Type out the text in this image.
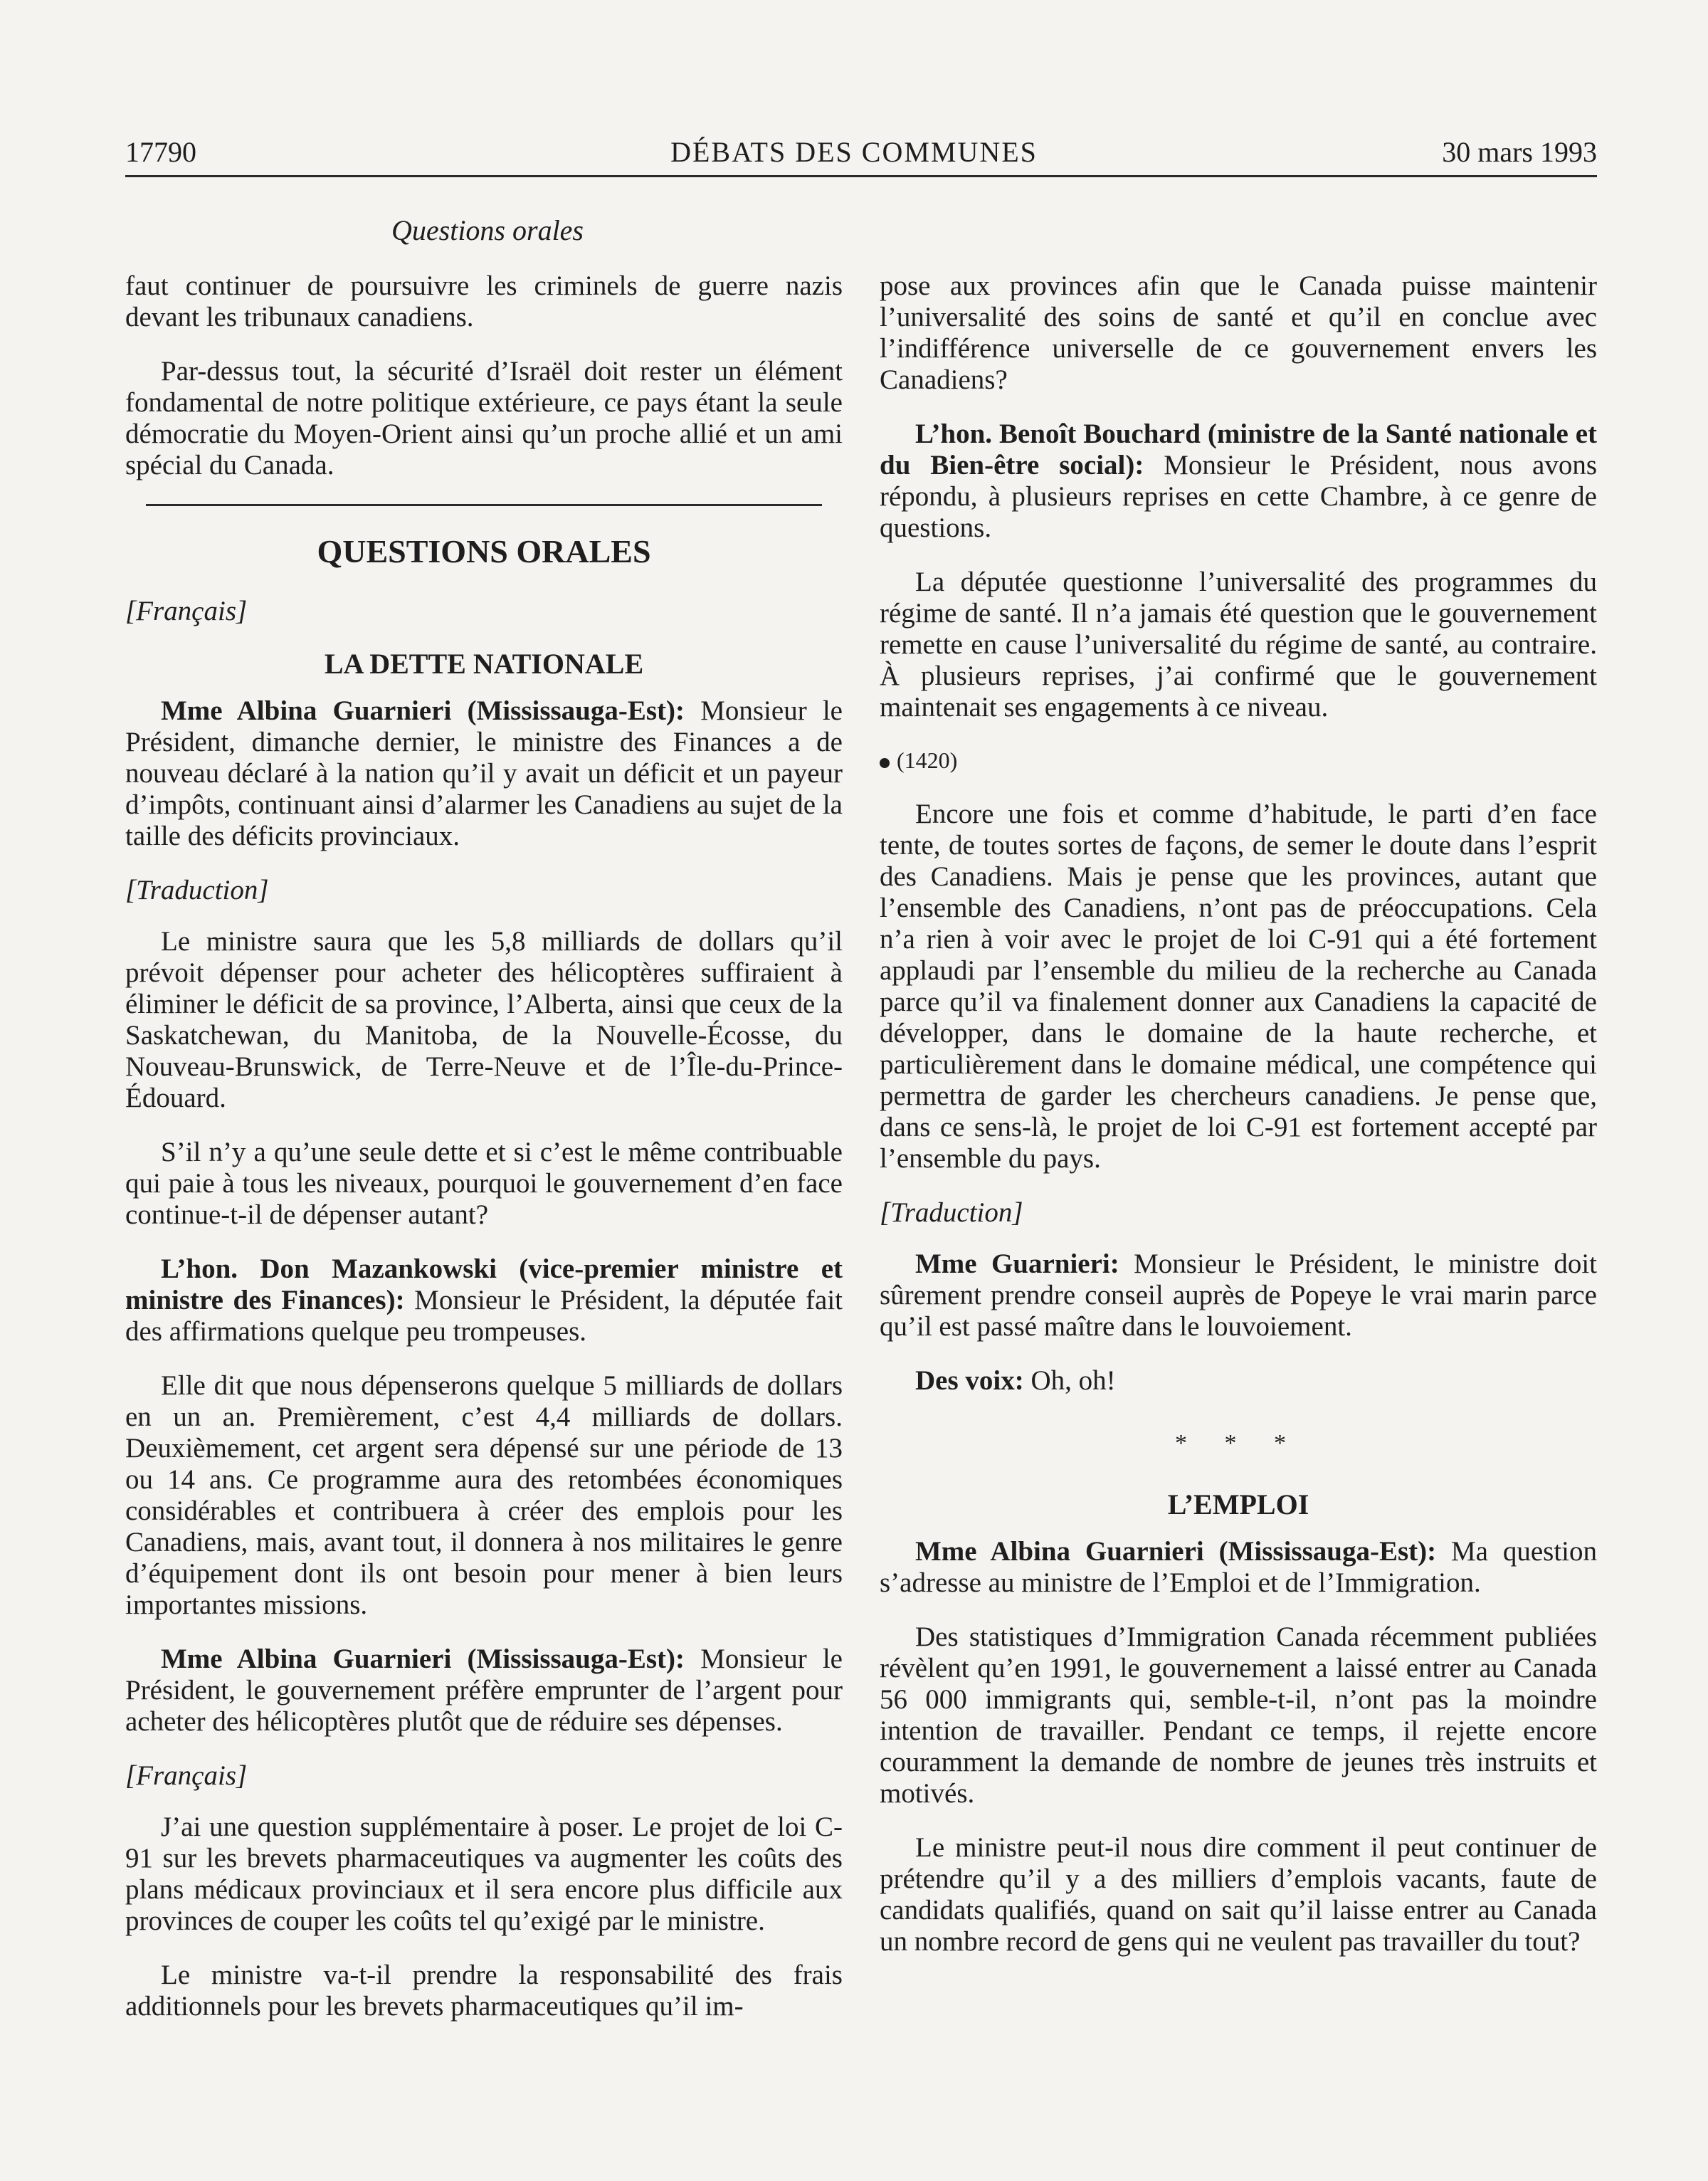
17790	DÉBATS DES COMMUNES	30 mars 1993
Questions orales

faut continuer de poursuivre les criminels de guerre nazis devant les tribunaux canadiens.

Par-dessus tout, la sécurité d’Israël doit rester un élément fondamental de notre politique extérieure, ce pays étant la seule démocratie du Moyen-Orient ainsi qu’un proche allié et un ami spécial du Canada.

QUESTIONS ORALES

[Français]

LA DETTE NATIONALE

Mme Albina Guarnieri (Mississauga-Est): Monsieur le Président, dimanche dernier, le ministre des Finances a de nouveau déclaré à la nation qu’il y avait un déficit et un payeur d’impôts, continuant ainsi d’alarmer les Canadiens au sujet de la taille des déficits provinciaux.

[Traduction]

Le ministre saura que les 5,8 milliards de dollars qu’il prévoit dépenser pour acheter des hélicoptères suffiraient à éliminer le déficit de sa province, l’Alberta, ainsi que ceux de la Saskatchewan, du Manitoba, de la Nouvelle-Écosse, du Nouveau-Brunswick, de Terre-Neuve et de l’Île-du-Prince-Édouard.

S’il n’y a qu’une seule dette et si c’est le même contribuable qui paie à tous les niveaux, pourquoi le gouvernement d’en face continue-t-il de dépenser autant?

L’hon. Don Mazankowski (vice-premier ministre et ministre des Finances): Monsieur le Président, la députée fait des affirmations quelque peu trompeuses.

Elle dit que nous dépenserons quelque 5 milliards de dollars en un an. Premièrement, c’est 4,4 milliards de dollars. Deuxièmement, cet argent sera dépensé sur une période de 13 ou 14 ans. Ce programme aura des retombées économiques considérables et contribuera à créer des emplois pour les Canadiens, mais, avant tout, il donnera à nos militaires le genre d’équipement dont ils ont besoin pour mener à bien leurs importantes missions.

Mme Albina Guarnieri (Mississauga-Est): Monsieur le Président, le gouvernement préfère emprunter de l’argent pour acheter des hélicoptères plutôt que de réduire ses dépenses.

[Français]

J’ai une question supplémentaire à poser. Le projet de loi C-91 sur les brevets pharmaceutiques va augmenter les coûts des plans médicaux provinciaux et il sera encore plus difficile aux provinces de couper les coûts tel qu’exigé par le ministre.

Le ministre va-t-il prendre la responsabilité des frais additionnels pour les brevets pharmaceutiques qu’il im-

pose aux provinces afin que le Canada puisse maintenir l’universalité des soins de santé et qu’il en conclue avec l’indifférence universelle de ce gouvernement envers les Canadiens?

L’hon. Benoît Bouchard (ministre de la Santé nationale et du Bien-être social): Monsieur le Président, nous avons répondu, à plusieurs reprises en cette Chambre, à ce genre de questions.

La députée questionne l’universalité des programmes du régime de santé. Il n’a jamais été question que le gouvernement remette en cause l’universalité du régime de santé, au contraire. À plusieurs reprises, j’ai confirmé que le gouvernement maintenait ses engagements à ce niveau.

(1420)

Encore une fois et comme d’habitude, le parti d’en face tente, de toutes sortes de façons, de semer le doute dans l’esprit des Canadiens. Mais je pense que les provinces, autant que l’ensemble des Canadiens, n’ont pas de préoccupations. Cela n’a rien à voir avec le projet de loi C-91 qui a été fortement applaudi par l’ensemble du milieu de la recherche au Canada parce qu’il va finalement donner aux Canadiens la capacité de développer, dans le domaine de la haute recherche, et particulièrement dans le domaine médical, une compétence qui permettra de garder les chercheurs canadiens. Je pense que, dans ce sens-là, le projet de loi C-91 est fortement accepté par l’ensemble du pays.

[Traduction]

Mme Guarnieri: Monsieur le Président, le ministre doit sûrement prendre conseil auprès de Popeye le vrai marin parce qu’il est passé maître dans le louvoiement.

Des voix: Oh, oh!

* * *
L’EMPLOI

Mme Albina Guarnieri (Mississauga-Est): Ma question s’adresse au ministre de l’Emploi et de l’Immigration.

Des statistiques d’Immigration Canada récemment publiées révèlent qu’en 1991, le gouvernement a laissé entrer au Canada 56 000 immigrants qui, semble-t-il, n’ont pas la moindre intention de travailler. Pendant ce temps, il rejette encore couramment la demande de nombre de jeunes très instruits et motivés.

Le ministre peut-il nous dire comment il peut continuer de prétendre qu’il y a des milliers d’emplois vacants, faute de candidats qualifiés, quand on sait qu’il laisse entrer au Canada un nombre record de gens qui ne veulent pas travailler du tout?
